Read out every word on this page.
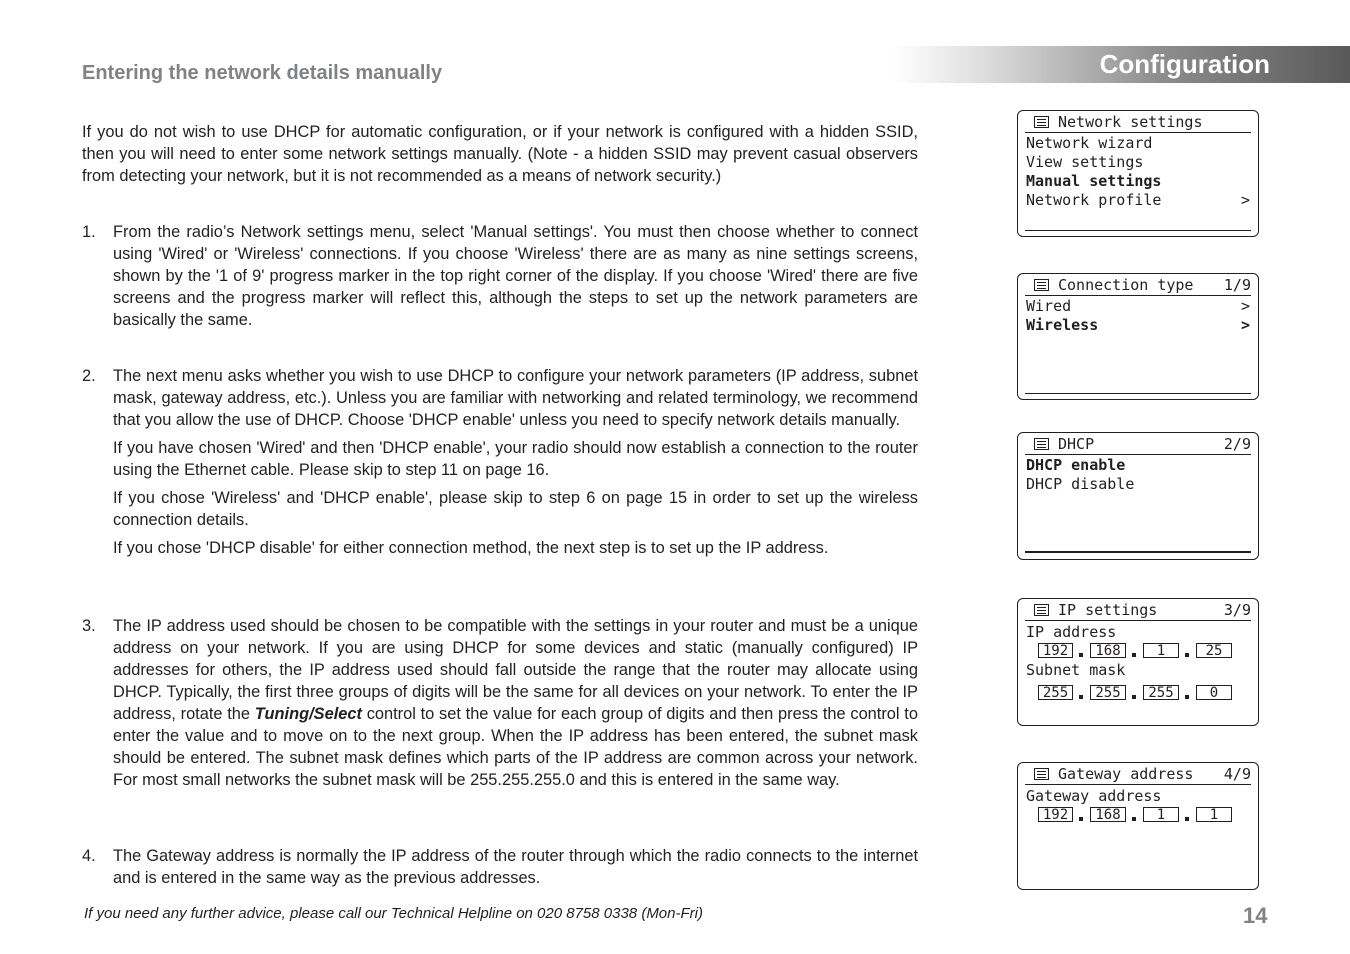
Configuration
Entering the network details manually
If you do not wish to use DHCP for automatic configuration, or if your network is configured with a hidden SSID, then you will need to enter some network settings manually. (Note - a hidden SSID may prevent casual observers from detecting your network, but it is not recommended as a means of network security.)
1. From the radio’s Network settings menu, select 'Manual settings'. You must then choose whether to connect using 'Wired' or 'Wireless' connections. If you choose 'Wireless' there are as many as nine settings screens, shown by the '1 of 9' progress marker in the top right corner of the display. If you choose 'Wired' there are five screens and the progress marker will reflect this, although the steps to set up the network parameters are basically the same.

2. The next menu asks whether you wish to use DHCP to configure your network parameters (IP address, subnet mask, gateway address, etc.). Unless you are familiar with networking and related terminology, we recommend that you allow the use of DHCP. Choose 'DHCP enable' unless you need to specify network details manually.

If you have chosen 'Wired' and then 'DHCP enable', your radio should now establish a connection to the router using the Ethernet cable. Please skip to step 11 on page 16.

If you chose 'Wireless' and 'DHCP enable', please skip to step 6 on page 15 in order to set up the wireless connection details.

If you chose 'DHCP disable' for either connection method, the next step is to set up the IP address.

3. The IP address used should be chosen to be compatible with the settings in your router and must be a unique address on your network. If you are using DHCP for some devices and static (manually configured) IP addresses for others, the IP address used should fall outside the range that the router may allocate using DHCP. Typically, the first three groups of digits will be the same for all devices on your network. To enter the IP address, rotate the Tuning/Select control to set the value for each group of digits and then press the control to enter the value and to move on to the next group. When the IP address has been entered, the subnet mask should be entered. The subnet mask defines which parts of the IP address are common across your network. For most small networks the subnet mask will be 255.255.255.0 and this is entered in the same way.

4. The Gateway address is normally the IP address of the router through which the radio connects to the internet and is entered in the same way as the previous addresses.

If you need any further advice, please call our Technical Helpline on 020 8758 0338 (Mon-Fri)	14
Network settings
Network wizard
View settings
Manual settings
Network profile	>
Connection type 1/9
Wired	>
Wireless	>
DHCP	2/9
DHCP enable
DHCP disable
IP settings	3/9
IP address
192	168	1	25
Subnet mask
255	255	255	0
Gateway address 4/9
Gateway address
192	168	1	1
